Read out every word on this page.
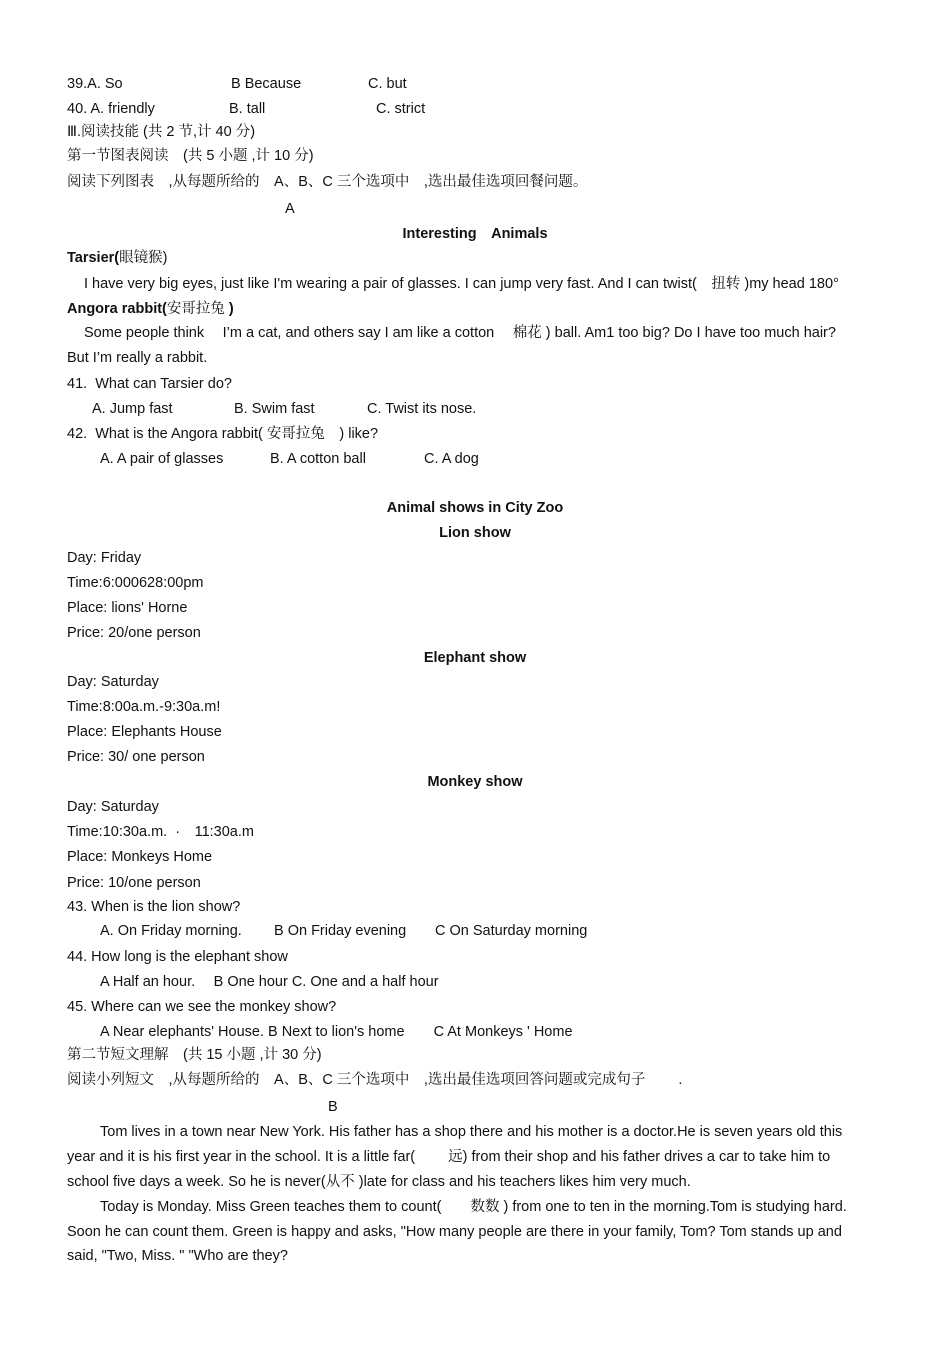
39.A. So	B Because	C. but
40. A. friendly	B. tall	C. strict
Ⅲ.阅读技能 (共 2 节,计 40 分)
第一节图表阅读　(共 5 小题 ,计 10 分)
阅读下列图表　,从每题所给的　A、B、C 三个选项中　,选出最佳选项回餐问题。
A
Interesting　Animals
Tarsier(眼镜猴)
I have very big eyes, just like I'm wearing a pair of glasses. I can jump very fast. And I can twist(　扭转 )my head 180°
Angora rabbit(安哥拉兔 )
Some people think　 I’m a cat, and others say I am like a cotton　 棉花 ) ball. Am1 too big? Do I have too much hair?
But I’m really a rabbit.
41.  What can Tarsier do?
A. Jump fast	B. Swim fast	C. Twist its nose.
42.  What is the Angora rabbit( 安哥拉兔　) like?
A. A pair of glasses	B. A cotton ball	C. A dog
Animal shows in City Zoo
Lion show
Day: Friday
Time:6:000628:00pm
Place: lions' Horne
Price: 20/one person
Elephant show
Day: Saturday
Time:8:00a.m.-9:30a.m!
Place: Elephants House
Price: 30/ one person
Monkey show
Day: Saturday
Time:10:30a.m.  ·　11:30a.m
Place: Monkeys Home
Price: 10/one person
43. When is the lion show?
A. On Friday morning. B On Friday evening C On Saturday morning
44. How long is the elephant show
A Half an hour.　 B One hour C. One and a half hour
45. Where can we see the monkey show?
A Near elephants' House. B Next to lion's home　　C At Monkeys ' Home
第二节短文理解　(共 15 小题 ,计 30 分)
阅读小列短文　,从每题所给的　A、B、C 三个选项中　,选出最佳选项回答问题或完成句子　　 .
B
Tom lives in a town near New York. His father has a shop there and his mother is a doctor.He is seven years old this
year and it is his first year in the school. It is a little far(　　 远) from their shop and his father drives a car to take him to
school five days a week. So he is never(从不 )late for class and his teachers likes him very much.
Today is Monday. Miss Green teaches them to count(　　数数 ) from one to ten in the morning.Tom is studying hard.
Soon he can count them. Green is happy and asks, "How many people are there in your family, Tom? Tom stands up and
said, "Two, Miss. " "Who are they?
